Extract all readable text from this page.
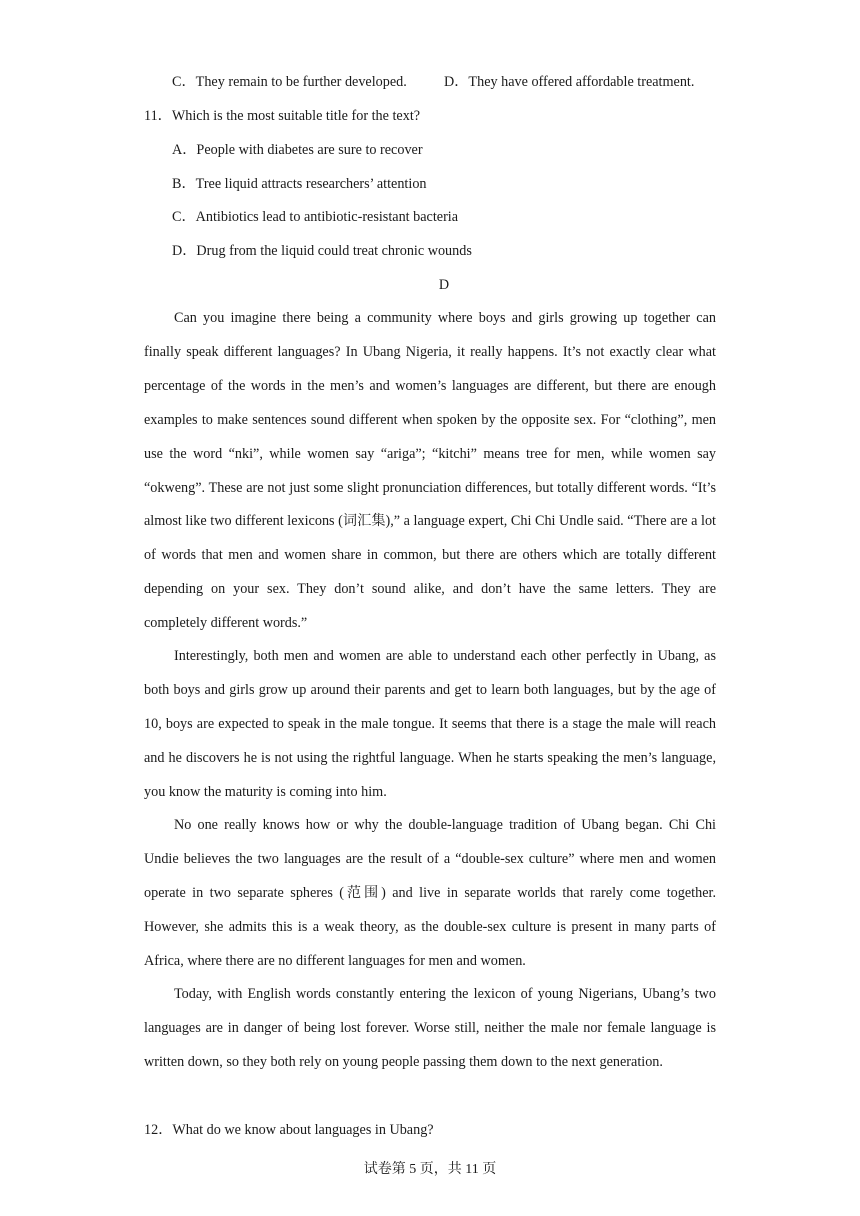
C．They remain to be further developed.	D．They have offered affordable treatment.
11．Which is the most suitable title for the text?
A．People with diabetes are sure to recover
B．Tree liquid attracts researchers’ attention
C．Antibiotics lead to antibiotic-resistant bacteria
D．Drug from the liquid could treat chronic wounds
D

Can you imagine there being a community where boys and girls growing up together can finally speak different languages? In Ubang Nigeria, it really happens. It’s not exactly clear what percentage of the words in the men’s and women’s languages are different, but there are enough examples to make sentences sound different when spoken by the opposite sex. For “clothing”, men use the word “nki”, while women say “ariga”; “kitchi” means tree for men, while women say “okweng”. These are not just some slight pronunciation differences, but totally different words. “It’s almost like two different lexicons (词汇集),” a language expert, Chi Chi Undle said. “There are a lot of words that men and women share in common, but there are others which are totally different depending on your sex. They don’t sound alike, and don’t have the same letters. They are completely different words.”

Interestingly, both men and women are able to understand each other perfectly in Ubang, as both boys and girls grow up around their parents and get to learn both languages, but by the age of 10, boys are expected to speak in the male tongue. It seems that there is a stage the male will reach and he discovers he is not using the rightful language. When he starts speaking the men’s language, you know the maturity is coming into him.

No one really knows how or why the double-language tradition of Ubang began. Chi Chi Undie believes the two languages are the result of a “double-sex culture” where men and women operate in two separate spheres (范围) and live in separate worlds that rarely come together. However, she admits this is a weak theory, as the double-sex culture is present in many parts of Africa, where there are no different languages for men and women.

Today, with English words constantly entering the lexicon of young Nigerians, Ubang’s two languages are in danger of being lost forever. Worse still, neither the male nor female language is written down, so they both rely on young people passing them down to the next generation.

12．What do we know about languages in Ubang?
试卷第 5 页，共 11 页
